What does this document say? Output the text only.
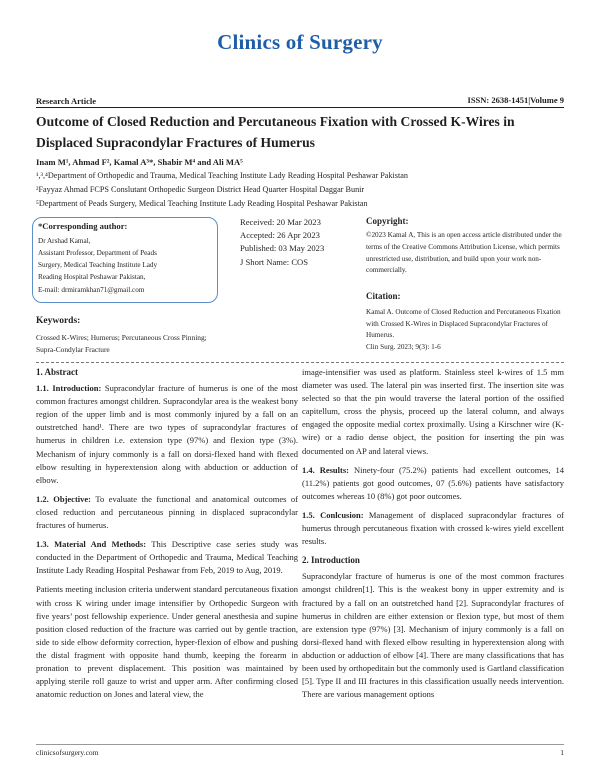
Clinics of Surgery
Research Article	ISSN: 2638-1451|Volume 9
Outcome of Closed Reduction and Percutaneous Fixation with Crossed K-Wires in Displaced Supracondylar Fractures of Humerus
Inam M¹, Ahmad F², Kamal A³*, Shabir M⁴ and Ali MA⁵
¹,³,⁴Department of Orthopedic and Trauma, Medical Teaching Institute Lady Reading Hospital Peshawar Pakistan
²Fayyaz Ahmad FCPS Conslutant Orthopedic Surgeon District Head Quarter Hospital Daggar Bunir
⁵Department of Peads Surgery, Medical Teaching Institute Lady Reading Hospital Peshawar Pakistan
*Corresponding author:
Dr Arshad Kamal,
Assistant Professor, Department of Peads
Surgery, Medical Teaching Institute Lady
Reading Hospital Peshawar Pakistan,
E-mail: drmiramkhan71@gmail.com
Received: 20 Mar 2023
Accepted: 26 Apr 2023
Published: 03 May 2023
J Short Name: COS
Copyright:
©2023 Kamal A, This is an open access article distributed under the terms of the Creative Commons Attribution License, which permits unrestricted use, distribution, and build upon your work non-commercially.
Citation:
Kamal A. Outcome of Closed Reduction and Percutaneous Fixation with Crossed K-Wires in Displaced Supracondylar Fractures of Humerus.
Clin Surg. 2023; 9(3): 1-6
Keywords:
Crossed K-Wires; Humerus; Percutaneous Cross Pinning; Supra-Condylar Fracture

1. Abstract

1.1. Introduction: Supracondylar fracture of humerus is one of the most common fractures amongst children. Supracondylar area is the weakest bony region of the upper limb and is most commonly injured by a fall on an outstretched hand¹. There are two types of supracondylar fractures of humerus in children i.e. extension type (97%) and flexion type (3%). Mechanism of injury commonly is a fall on dorsi-flexed hand with flexed elbow resulting in hyperextension along with abduction or adduction of elbow.

1.2. Objective: To evaluate the functional and anatomical outcomes of closed reduction and percutaneous pinning in displaced supracondylar fractures of humerus.

1.3. Material And Methods: This Descriptive case series study was conducted in the Department of Orthopedic and Trauma, Medical Teaching Institute Lady Reading Hospital Peshawar from Feb, 2019 to Aug, 2019.

Patients meeting inclusion criteria underwent standard percutaneous fixation with cross K wiring under image intensifier by Orthopedic Surgeon with five years’ post fellowship experience. Under general anesthesia and supine position closed reduction of the fracture was carried out by gentle traction, side to side elbow deformity correction, hyper-flexion of elbow and pushing the distal fragment with opposite hand thumb, keeping the forearm in pronation to prevent displacement. This position was maintained by applying sterile roll gauze to wrist and upper arm. After confirming closed anatomic reduction on Jones and lateral view, the

image-intensifier was used as platform. Stainless steel k-wires of 1.5 mm diameter was used. The lateral pin was inserted first. The insertion site was selected so that the pin would traverse the lateral portion of the ossified capitellum, cross the physis, proceed up the lateral column, and always engaged the opposite medial cortex proximally. Using a Kirschner wire (K-wire) or a radio dense object, the position for inserting the pin was documented on AP and lateral views.

1.4. Results: Ninety-four (75.2%) patients had excellent outcomes, 14 (11.2%) patients got good outcomes, 07 (5.6%) patients have satisfactory outcomes whereas 10 (8%) got poor outcomes.

1.5. Conlcusion: Management of displaced supracondylar fractures of humerus through percutaneous fixation with crossed k-wires yield excellent results.

2. Introduction

Supracondylar fracture of humerus is one of the most common fractures amongst children[1]. This is the weakest bony in upper extremity and is fractured by a fall on an outstretched hand [2]. Supracondylar fractures of humerus in children are either extension or flexion type, but most of them are extension type (97%) [3]. Mechanism of injury commonly is a fall on dorsi-flexed hand with flexed elbow resulting in hyperextension along with abduction or adduction of elbow [4]. There are many classifications that has been used by orthopeditain but the commonly used is Gartland classification [5]. Type II and III fractures in this classification usually needs intervention. There are various management options

clinicsofsurgery.com	1
